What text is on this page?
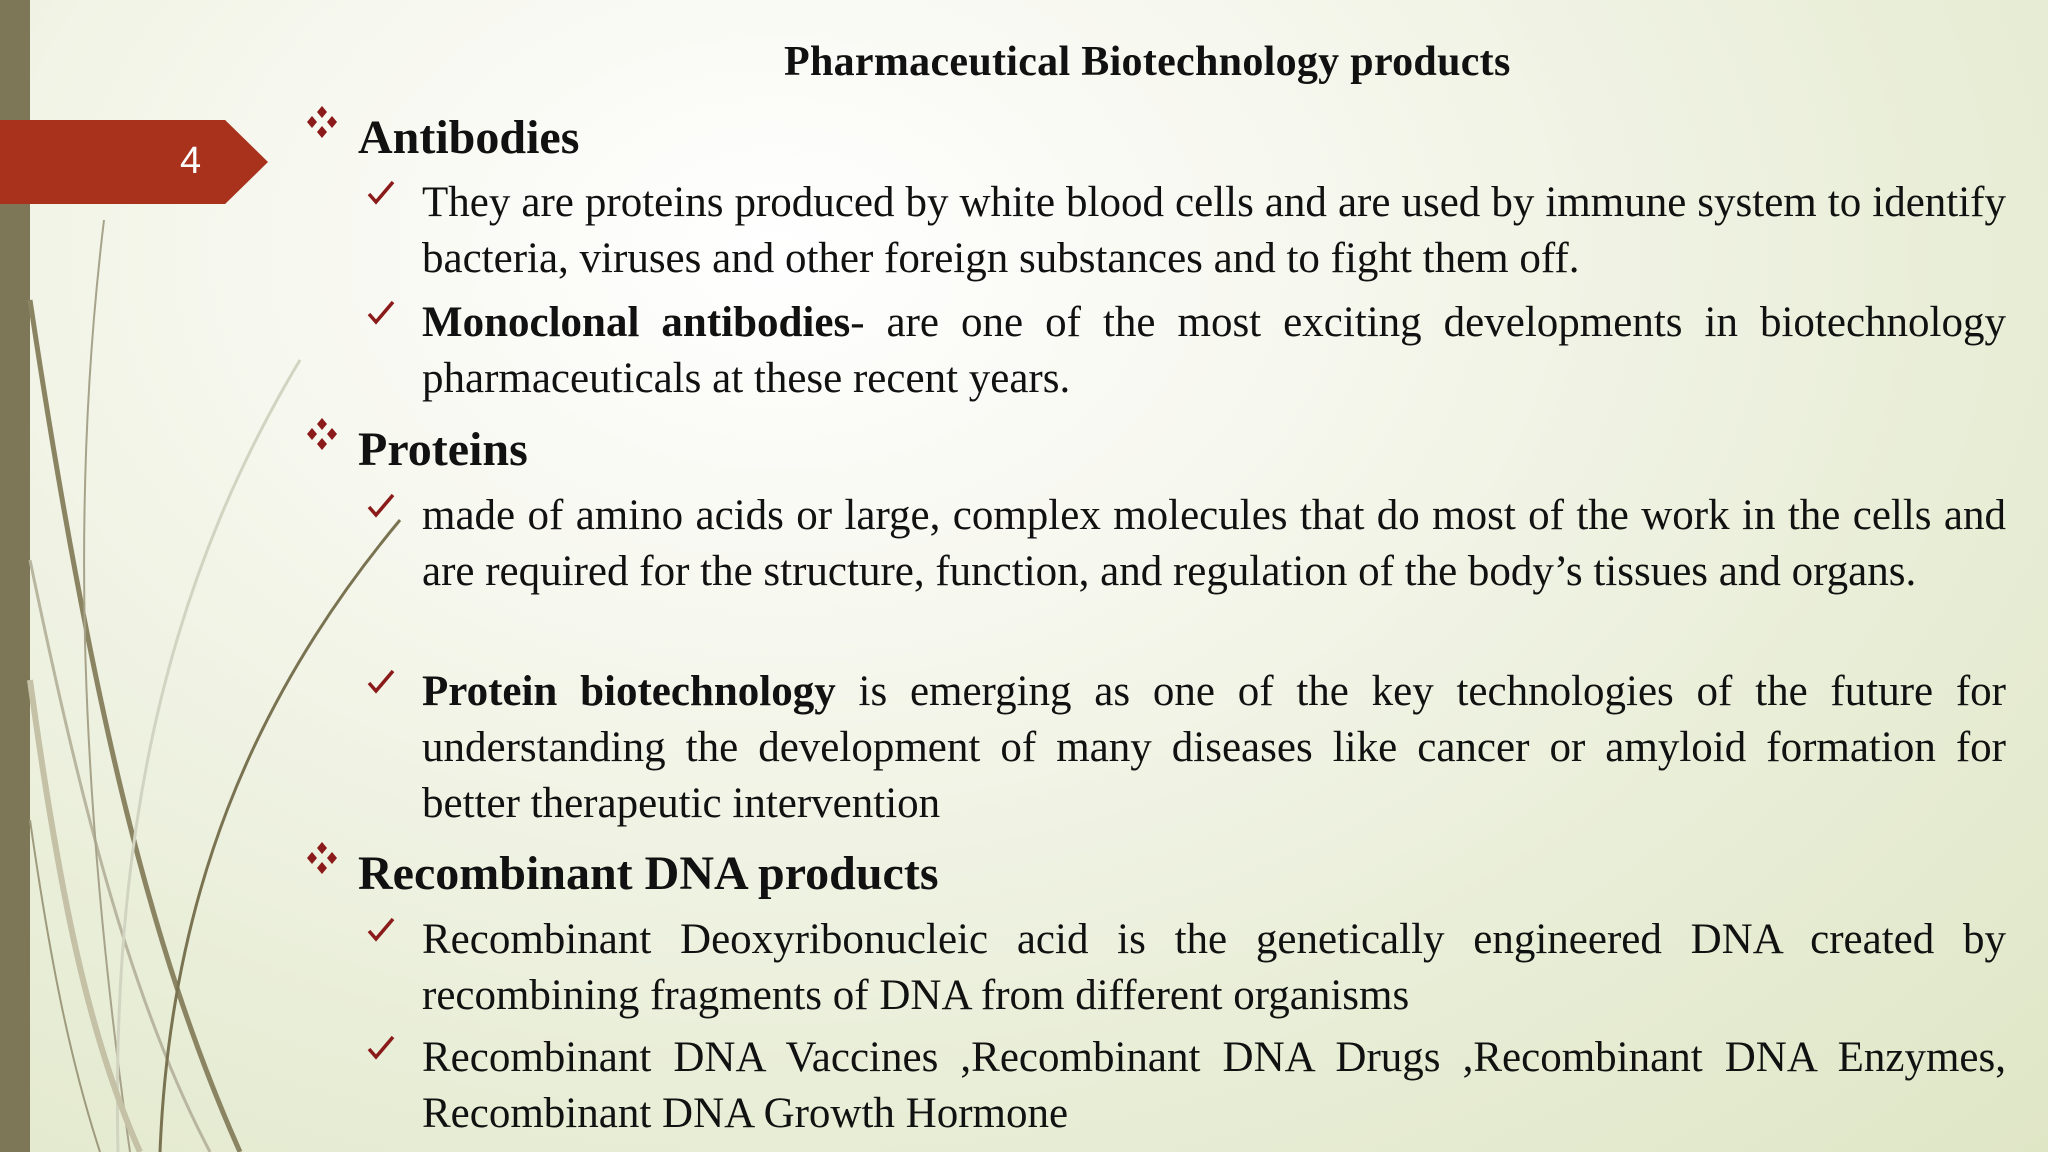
4
Pharmaceutical Biotechnology products
Antibodies
They are proteins produced by white blood cells and are used by immune system to identify bacteria, viruses and other foreign substances and to fight them off.
Monoclonal antibodies- are one of the most exciting developments in biotechnology pharmaceuticals at these recent years.
Proteins
made of amino acids or large, complex molecules that do most of the work in the cells and are required for the structure, function, and regulation of the body’s tissues and organs.
Protein biotechnology is emerging as one of the key technologies of the future for understanding the development of many diseases like cancer or amyloid formation for better therapeutic intervention
Recombinant DNA products
Recombinant Deoxyribonucleic acid is the genetically engineered DNA created by recombining fragments of DNA from different organisms
Recombinant DNA Vaccines ,Recombinant DNA Drugs ,Recombinant DNA Enzymes, Recombinant DNA Growth Hormone
